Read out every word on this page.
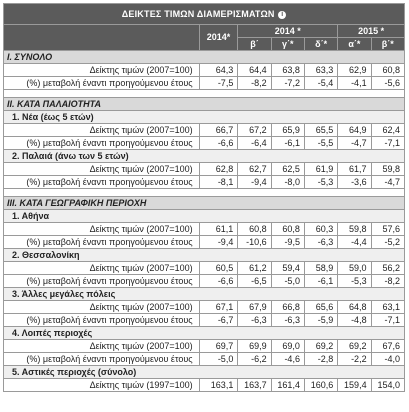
ΔΕΙΚΤΕΣ ΤΙΜΩΝ ΔΙΑΜΕΡΙΣΜΑΤΩΝ i						
	2014*	2014 *			2015 *	
		β΄	γ΄*	δ΄*	α΄*	β΄*
I. ΣΥΝΟΛΟ						
Δείκτης τιμών (2007=100)	64,3	64,4	63,8	63,3	62,9	60,8
(%) μεταβολή έναντι προηγούμενου έτους	-7,5	-8,2	-7,2	-5,4	-4,1	-5,6

II. ΚΑΤΑ ΠΑΛΑΙΟΤΗΤΑ						
1. Νέα (έως 5 ετών)						
Δείκτης τιμών (2007=100)	66,7	67,2	65,9	65,5	64,9	62,4
(%) μεταβολή έναντι προηγούμενου έτους	-6,6	-6,4	-6,1	-5,5	-4,7	-7,1
2. Παλαιά (άνω των 5 ετών)						
Δείκτης τιμών (2007=100)	62,8	62,7	62,5	61,9	61,7	59,8
(%) μεταβολή έναντι προηγούμενου έτους	-8,1	-9,4	-8,0	-5,3	-3,6	-4,7

III. ΚΑΤΑ ΓΕΩΓΡΑΦΙΚΗ ΠΕΡΙΟΧΗ						
1. Αθήνα						
Δείκτης τιμών (2007=100)	61,1	60,8	60,8	60,3	59,8	57,6
(%) μεταβολή έναντι προηγούμενου έτους	-9,4	-10,6	-9,5	-6,3	-4,4	-5,2
2. Θεσσαλονίκη						
Δείκτης τιμών (2007=100)	60,5	61,2	59,4	58,9	59,0	56,2
(%) μεταβολή έναντι προηγούμενου έτους	-6,6	-6,5	-5,0	-6,1	-5,3	-8,2
3. Άλλες μεγάλες πόλεις						
Δείκτης τιμών (2007=100)	67,1	67,9	66,8	65,6	64,8	63,1
(%) μεταβολή έναντι προηγούμενου έτους	-6,7	-6,3	-6,3	-5,9	-4,8	-7,1
4. Λοιπές περιοχές						
Δείκτης τιμών (2007=100)	69,7	69,9	69,0	69,2	69,2	67,6
(%) μεταβολή έναντι προηγούμενου έτους	-5,0	-6,2	-4,6	-2,8	-2,2	-4,0
5. Αστικές περιοχές (σύνολο)						
Δείκτης τιμών (1997=100)	163,1	163,7	161,4	160,6	159,4	154,0
